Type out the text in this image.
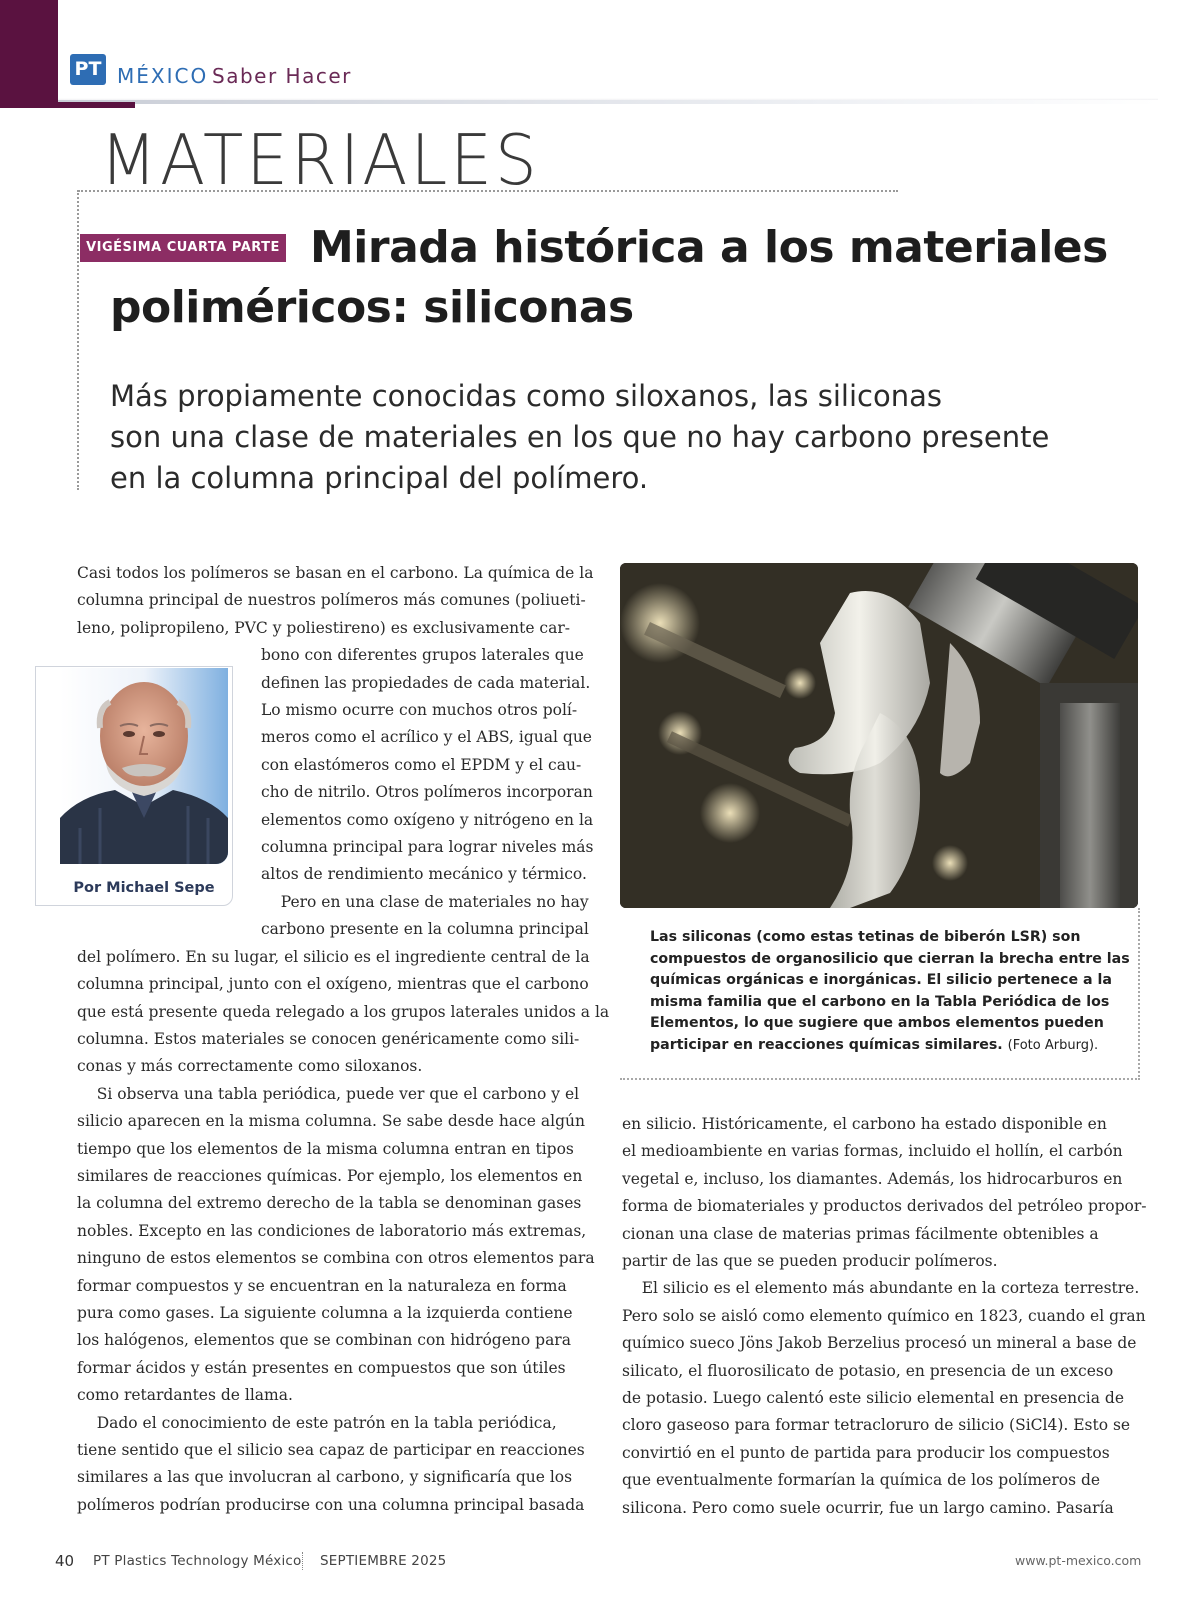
PT MÉXICO Saber Hacer
MATERIALES
Mirada histórica a los materiales poliméricos: siliconas
VIGÉSIMA CUARTA PARTE
Más propiamente conocidas como siloxanos, las siliconas
son una clase de materiales en los que no hay carbono presente
en la columna principal del polímero.
Por Michael Sepe
Las siliconas (como estas tetinas de biberón LSR) son
compuestos de organosilicio que cierran la brecha entre las
químicas orgánicas e inorgánicas. El silicio pertenece a la
misma familia que el carbono en la Tabla Periódica de los
Elementos, lo que sugiere que ambos elementos pueden
participar en reacciones químicas similares. (Foto Arburg).
Casi todos los polímeros se basan en el carbono. La química de la
columna principal de nuestros polímeros más comunes (poliueti-
leno, polipropileno, PVC y poliestireno) es exclusivamente car-
bono con diferentes grupos laterales que
definen las propiedades de cada material.
Lo mismo ocurre con muchos otros polí-
meros como el acrílico y el ABS, igual que
con elastómeros como el EPDM y el cau-
cho de nitrilo. Otros polímeros incorporan
elementos como oxígeno y nitrógeno en la
columna principal para lograr niveles más
altos de rendimiento mecánico y térmico.
Pero en una clase de materiales no hay
carbono presente en la columna principal
del polímero. En su lugar, el silicio es el ingrediente central de la
columna principal, junto con el oxígeno, mientras que el carbono
que está presente queda relegado a los grupos laterales unidos a la
columna. Estos materiales se conocen genéricamente como sili-
conas y más correctamente como siloxanos.
Si observa una tabla periódica, puede ver que el carbono y el
silicio aparecen en la misma columna. Se sabe desde hace algún
tiempo que los elementos de la misma columna entran en tipos
similares de reacciones químicas. Por ejemplo, los elementos en
la columna del extremo derecho de la tabla se denominan gases
nobles. Excepto en las condiciones de laboratorio más extremas,
ninguno de estos elementos se combina con otros elementos para
formar compuestos y se encuentran en la naturaleza en forma
pura como gases. La siguiente columna a la izquierda contiene
los halógenos, elementos que se combinan con hidrógeno para
formar ácidos y están presentes en compuestos que son útiles
como retardantes de llama.
Dado el conocimiento de este patrón en la tabla periódica,
tiene sentido que el silicio sea capaz de participar en reacciones
similares a las que involucran al carbono, y significaría que los
polímeros podrían producirse con una columna principal basada
en silicio. Históricamente, el carbono ha estado disponible en
el medioambiente en varias formas, incluido el hollín, el carbón
vegetal e, incluso, los diamantes. Además, los hidrocarburos en
forma de biomateriales y productos derivados del petróleo propor-
cionan una clase de materias primas fácilmente obtenibles a
partir de las que se pueden producir polímeros.
El silicio es el elemento más abundante en la corteza terrestre.
Pero solo se aisló como elemento químico en 1823, cuando el gran
químico sueco Jöns Jakob Berzelius procesó un mineral a base de
silicato, el fluorosilicato de potasio, en presencia de un exceso
de potasio. Luego calentó este silicio elemental en presencia de
cloro gaseoso para formar tetracloruro de silicio (SiCl4). Esto se
convirtió en el punto de partida para producir los compuestos
que eventualmente formarían la química de los polímeros de
silicona. Pero como suele ocurrir, fue un largo camino. Pasaría
40 PT Plastics Technology México SEPTIEMBRE 2025	www.pt-mexico.com
